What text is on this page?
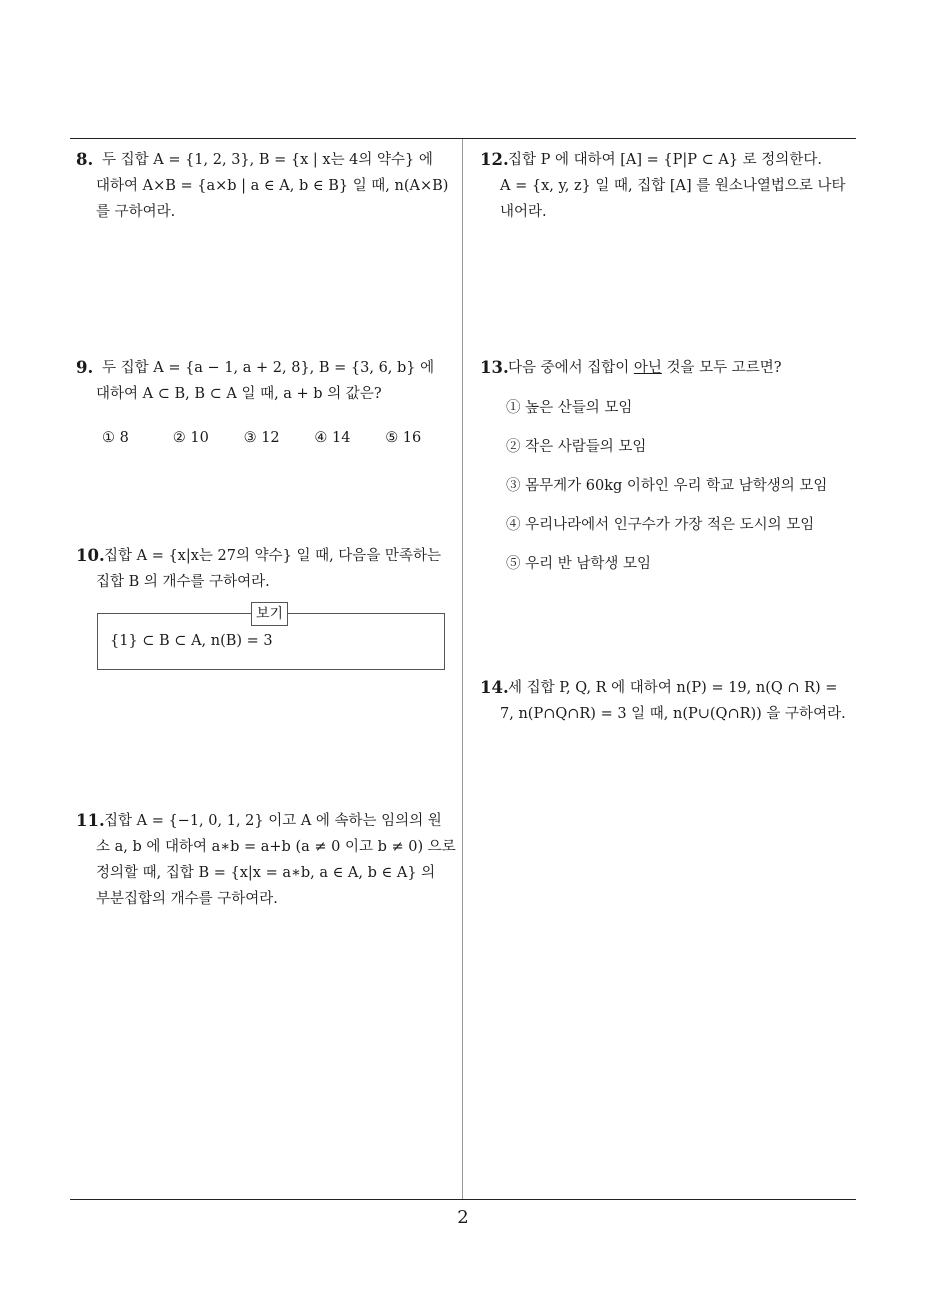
8. 두 집합 A = {1, 2, 3}, B = {x | x는 4의 약수} 에
대하여 A×B = {a×b | a ∈ A, b ∈ B} 일 때, n(A×B)
를 구하여라.
9. 두 집합 A = {a − 1, a + 2, 8}, B = {3, 6, b} 에
대하여 A ⊂ B, B ⊂ A 일 때, a + b 의 값은?
① 8	② 10	③ 12	④ 14	⑤ 16
10. 집합 A = {x|x는 27의 약수} 일 때, 다음을 만족하는
집합 B 의 개수를 구하여라.
보기
{1} ⊂ B ⊂ A, n(B) = 3
11. 집합 A = {−1, 0, 1, 2} 이고 A 에 속하는 임의의 원
소 a, b 에 대하여 a∗b = a+b (a ≠ 0 이고 b ≠ 0) 으로
정의할 때, 집합 B = {x|x = a∗b, a ∈ A, b ∈ A} 의
부분집합의 개수를 구하여라.
12. 집합 P 에 대하여 [A] = {P|P ⊂ A} 로 정의한다.
A = {x, y, z} 일 때, 집합 [A] 를 원소나열법으로 나타
내어라.
13. 다음 중에서 집합이 아닌 것을 모두 고르면?
① 높은 산들의 모임
② 작은 사람들의 모임
③ 몸무게가 60kg 이하인 우리 학교 남학생의 모임
④ 우리나라에서 인구수가 가장 적은 도시의 모임
⑤ 우리 반 남학생 모임
14. 세 집합 P, Q, R 에 대하여 n(P) = 19, n(Q ∩ R) =
7, n(P∩Q∩R) = 3 일 때, n(P∪(Q∩R)) 을 구하여라.
2
